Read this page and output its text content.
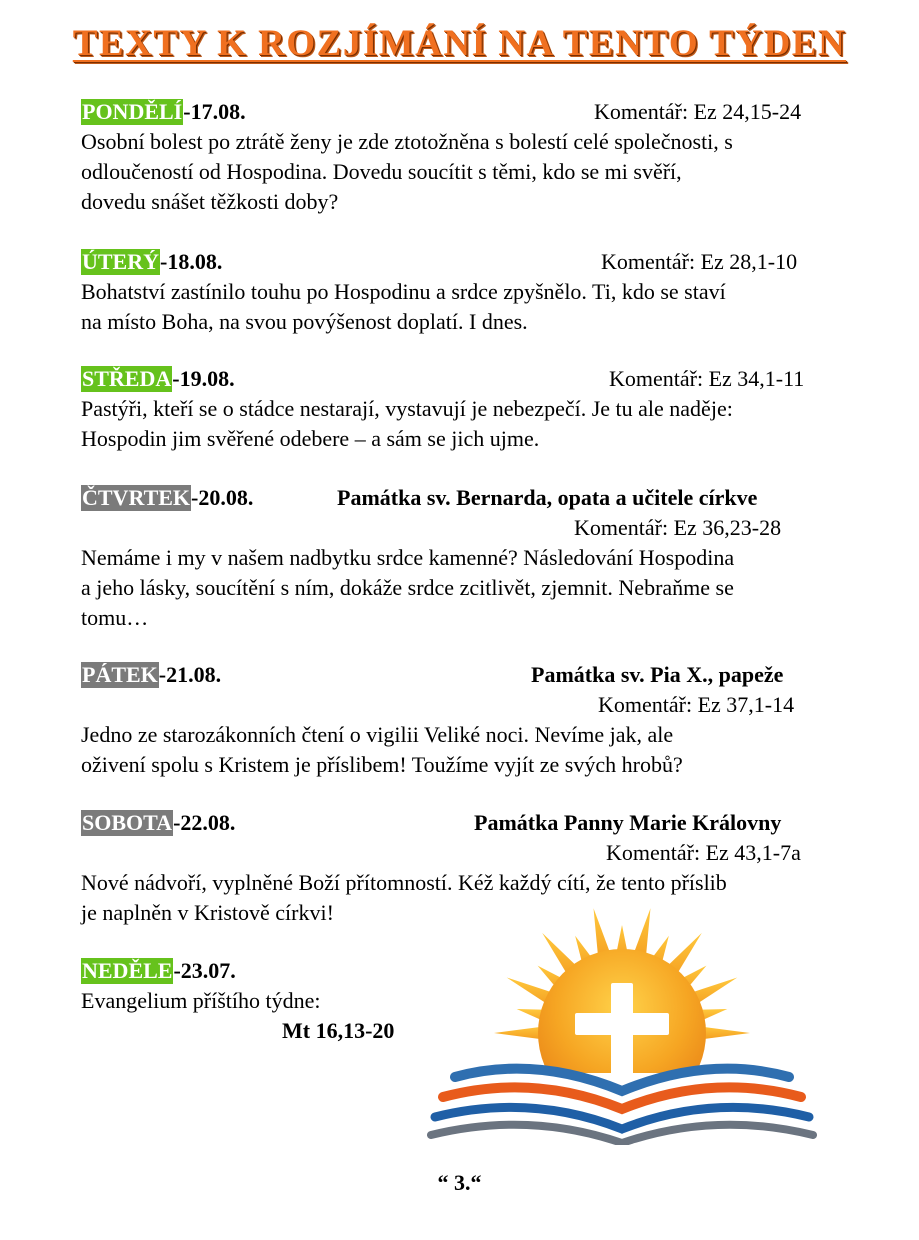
TEXTY K ROZJÍMÁNÍ NA TENTO TÝDEN
PONDĚLÍ-17.08.	Komentář: Ez 24,15-24

Osobní bolest po ztrátě ženy je zde ztotožněna s bolestí celé společnosti, s
odloučeností od Hospodina. Dovedu soucítit s těmi, kdo se mi svěří,
dovedu snášet těžkosti doby?

ÚTERÝ-18.08.	Komentář: Ez 28,1-10

Bohatství zastínilo touhu po Hospodinu a srdce zpyšnělo. Ti, kdo se staví
na místo Boha, na svou povýšenost doplatí. I dnes.

STŘEDA-19.08.	Komentář: Ez 34,1-11

Pastýři, kteří se o stádce nestarají, vystavují je nebezpečí. Je tu ale naděje:
Hospodin jim svěřené odebere – a sám se jich ujme.

ČTVRTEK-20.08.	Památka sv. Bernarda, opata a učitele církve
Komentář: Ez 36,23-28

Nemáme i my v našem nadbytku srdce kamenné? Následování Hospodina
a jeho lásky, soucítění s ním, dokáže srdce zcitlivět, zjemnit. Nebraňme se
tomu…

PÁTEK-21.08.	Památka sv. Pia X., papeže
Komentář: Ez 37,1-14

Jedno ze starozákonních čtení o vigilii Veliké noci. Nevíme jak, ale
oživení spolu s Kristem je příslibem! Toužíme vyjít ze svých hrobů?

SOBOTA-22.08.	Památka Panny Marie Královny
Komentář: Ez 43,1-7a

Nové nádvoří, vyplněné Boží přítomností. Kéž každý cítí, že tento příslib
je naplněn v Kristově církvi!

NEDĚLE-23.07.

Evangelium příštího týdne:

Mt 16,13-20
“ 3.“
